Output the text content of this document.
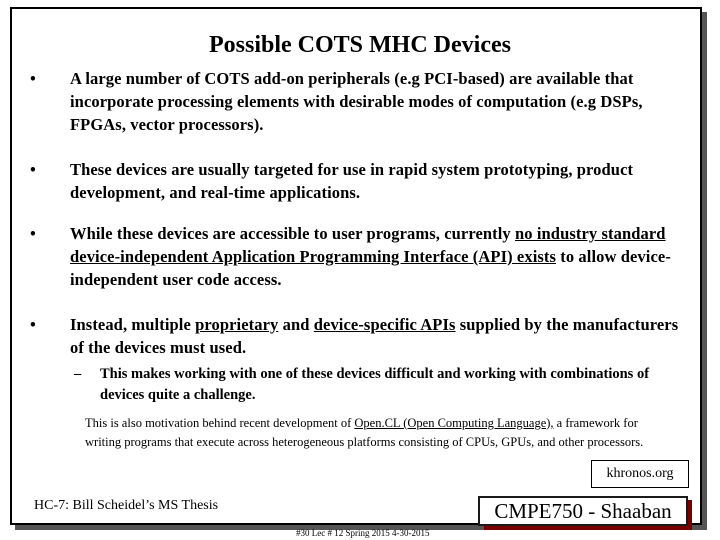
Possible COTS MHC Devices
• A large number of COTS add-on peripherals (e.g PCI-based) are available that incorporate processing elements with desirable modes of computation (e.g DSPs, FPGAs, vector processors).
• These devices are usually targeted for use in rapid system prototyping, product development, and real-time applications.
• While these devices are accessible to user programs, currently no industry standard device-independent Application Programming Interface (API) exists to allow device-independent user code access.
• Instead, multiple proprietary and device-specific APIs supplied by the manufacturers of the devices must used.
– This makes working with one of these devices difficult and working with combinations of devices quite a challenge.
This is also motivation behind recent development of Open.CL (Open Computing Language), a framework for writing programs that execute across heterogeneous platforms consisting of CPUs, GPUs, and other processors.
khronos.org
HC-7: Bill Scheidel’s MS Thesis	CMPE750 - Shaaban
#30 Lec # 12 Spring 2015 4-30-2015
